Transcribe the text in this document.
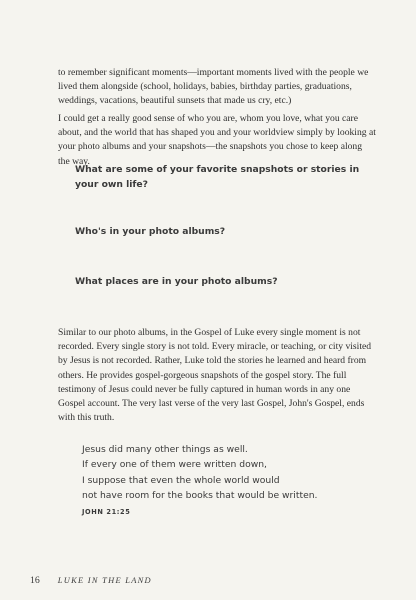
to remember significant moments—important moments lived with the people we lived them alongside (school, holidays, babies, birthday parties, graduations, weddings, vacations, beautiful sunsets that made us cry, etc.)

I could get a really good sense of who you are, whom you love, what you care about, and the world that has shaped you and your worldview simply by looking at your photo albums and your snapshots—the snapshots you chose to keep along the way.

What are some of your favorite snapshots or stories in your own life?

Who's in your photo albums?

What places are in your photo albums?

Similar to our photo albums, in the Gospel of Luke every single moment is not recorded. Every single story is not told. Every miracle, or teaching, or city visited by Jesus is not recorded. Rather, Luke told the stories he learned and heard from others. He provides gospel-gorgeous snapshots of the gospel story. The full testimony of Jesus could never be fully captured in human words in any one Gospel account. The very last verse of the very last Gospel, John's Gospel, ends with this truth.

Jesus did many other things as well.
If every one of them were written down,
I suppose that even the whole world would
not have room for the books that would be written.
JOHN 21:25
16 LUKE IN THE LAND
